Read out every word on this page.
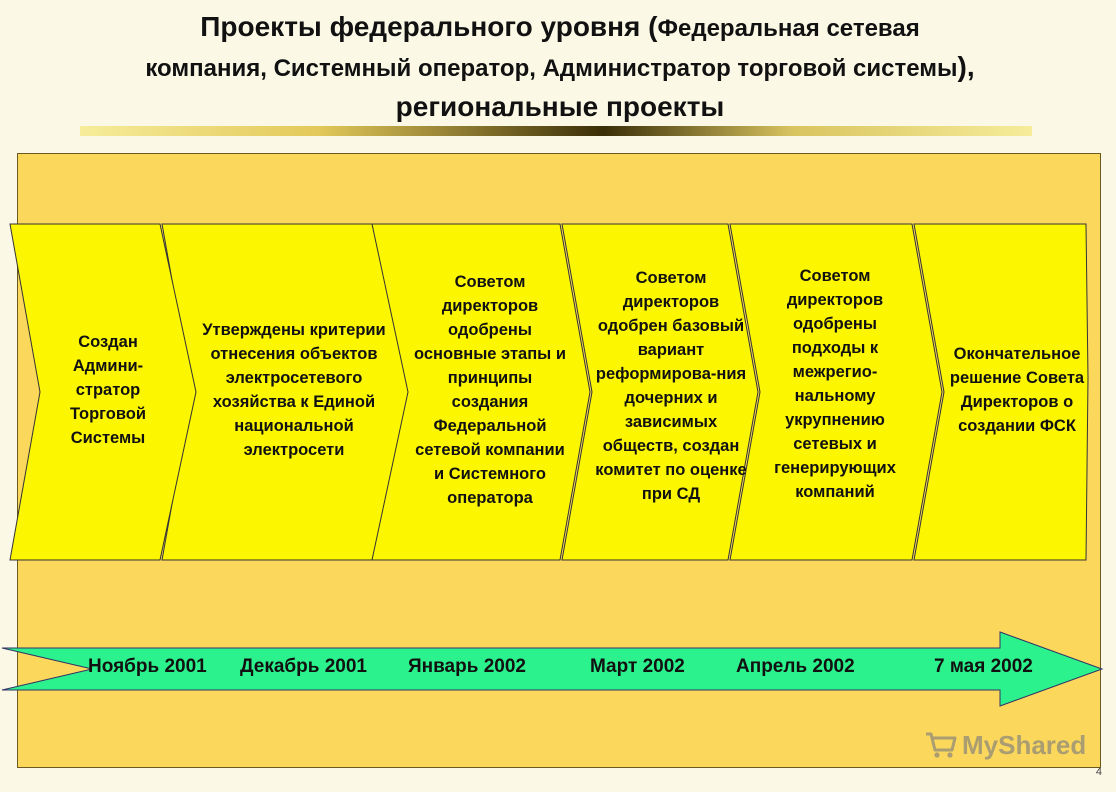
Проекты федерального уровня (Федеральная сетевая
компания, Системный оператор, Администратор торговой системы),
региональные проекты
Создан Админи-стратор Торговой Системы
Утверждены критерии отнесения объектов электросетевого хозяйства к Единой национальной электросети
Советом директоров одобрены основные этапы и принципы создания Федеральной сетевой компании и Системного оператора
Советом директоров одобрен базовый вариант реформирова-ния дочерних и зависимых обществ, создан комитет по оценке при СД
Советом директоров одобрены подходы к межрегио-нальному укрупнению сетевых и генерирующих компаний
Окончательное решение Совета Директоров о создании ФСК
Ноябрь 2001 Декабрь 2001 Январь 2002	Март 2002	Апрель 2002	7 мая 2002
MyShared
4
